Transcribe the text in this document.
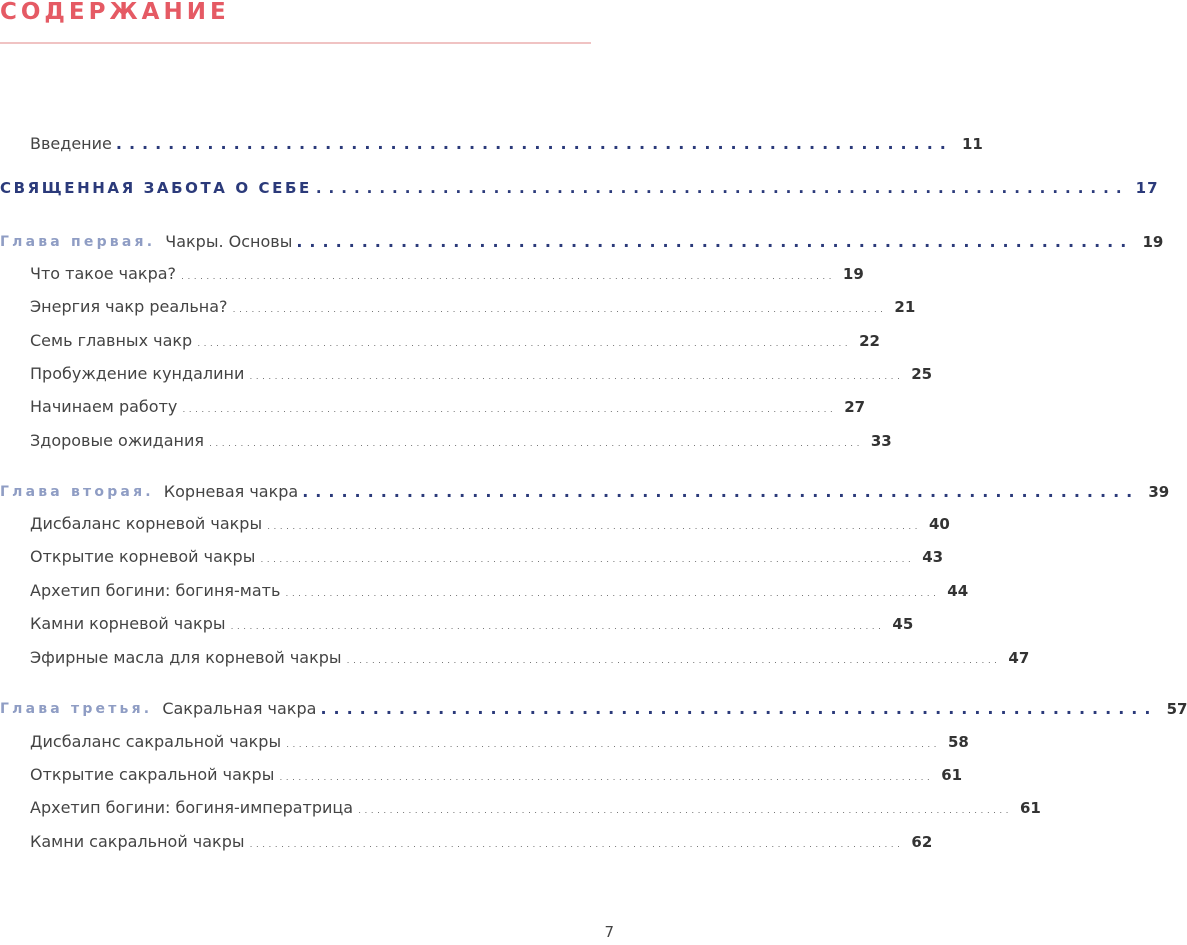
СОДЕРЖАНИЕ
Введение ................................................................ 11
СВЯЩЕННАЯ ЗАБОТА О СЕБЕ ................................................................ 17
Глава первая. Чакры. Основы ................................................................ 19
Что такое чакра? ........................................................................................................ 19
Энергия чакр реальна? ........................................................................................................ 21
Семь главных чакр ........................................................................................................ 22
Пробуждение кундалини ........................................................................................................ 25
Начинаем работу ........................................................................................................ 27
Здоровые ожидания ........................................................................................................ 33
Глава вторая. Корневая чакра ................................................................ 39
Дисбаланс корневой чакры ........................................................................................................ 40
Открытие корневой чакры ........................................................................................................ 43
Архетип богини: богиня-мать ........................................................................................................ 44
Камни корневой чакры ........................................................................................................ 45
Эфирные масла для корневой чакры ........................................................................................................ 47
Глава третья. Сакральная чакра ................................................................ 57
Дисбаланс сакральной чакры ........................................................................................................ 58
Открытие сакральной чакры ........................................................................................................ 61
Архетип богини: богиня-императрица ........................................................................................................ 61
Камни сакральной чакры ........................................................................................................ 62
7
